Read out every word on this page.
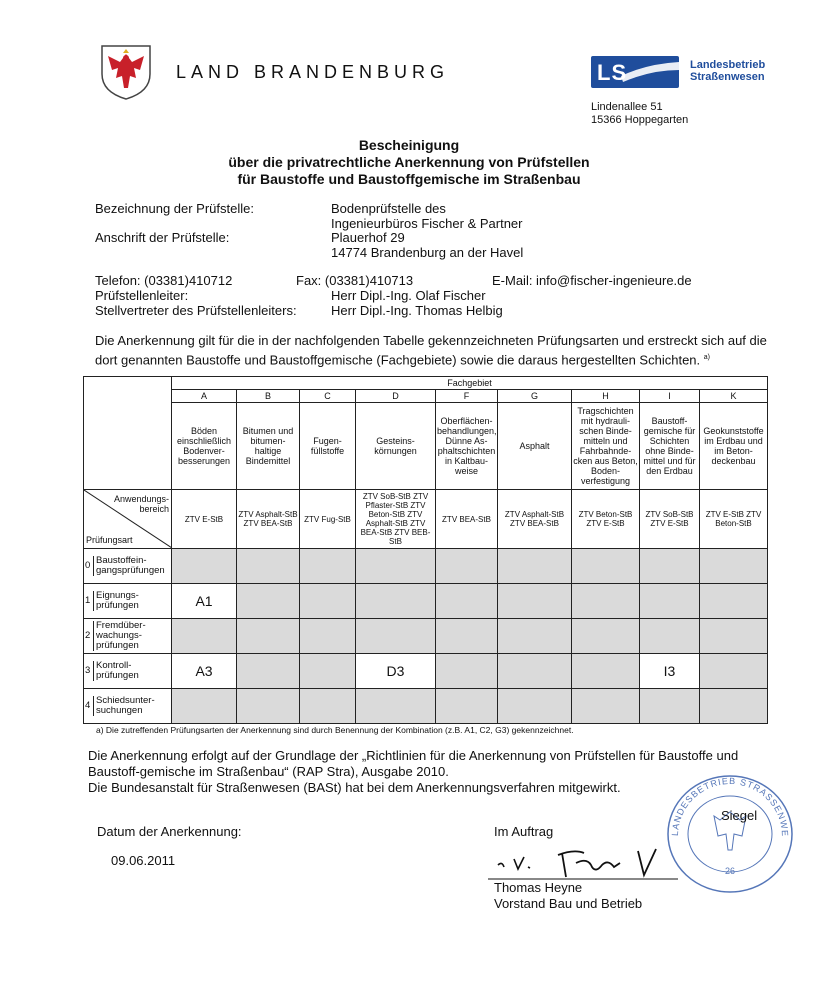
LAND BRANDENBURG	LS	Landesbetrieb
Straßenwesen
Lindenallee 51
15366 Hoppegarten
Bescheinigung
über die privatrechtliche Anerkennung von Prüfstellen
für Baustoffe und Baustoffgemische im Straßenbau
Bezeichnung der Prüfstelle:	Bodenprüfstelle des
Ingenieurbüros Fischer & Partner
Anschrift der Prüfstelle:	Plauerhof 29
14774 Brandenburg an der Havel
Telefon: (03381)410712	Fax: (03381)410713	E-Mail: info@fischer-ingenieure.de
Prüfstellenleiter:	Herr Dipl.-Ing. Olaf Fischer
Stellvertreter des Prüfstellenleiters:	Herr Dipl.-Ing. Thomas Helbig
Die Anerkennung gilt für die in der nachfolgenden Tabelle gekennzeichneten Prüfungsarten und erstreckt sich auf die dort genannten Baustoffe und Baustoffgemische (Fachgebiete) sowie die daraus hergestellten Schichten. $^{a)}$
	Fachgebiet								
	A	B	C	D	F	G	H	I	K
	Böden einschließlich Bodenver-besserungen	Bitumen und bitumen-haltige Bindemittel	Fugen-füllstoffe	Gesteins-körnungen	Oberflächen-behandlungen, Dünne As-phaltschichten in Kaltbau-weise	Asphalt	Tragschichten mit hydrauli-schen Binde-mitteln und Fahrbahnde-cken aus Beton, Boden-verfestigung	Baustoff-gemische für Schichten ohne Binde-mittel und für den Erdbau	Geokunststoffe im Erdbau und im Beton-deckenbau

Anwendungs-bereich
Prüfungsart	ZTV E-StB	ZTV Asphalt-StB ZTV BEA-StB	ZTV Fug-StB	ZTV SoB-StB ZTV Pflaster-StB ZTV Beton-StB ZTV Asphalt-StB ZTV BEA-StB ZTV BEB-StB	ZTV BEA-StB	ZTV Asphalt-StB ZTV BEA-StB	ZTV Beton-StB ZTV E-StB	ZTV SoB-StB ZTV E-StB	ZTV E-StB ZTV Beton-StB
0 Baustoffein-gangsprüfungen									
1 Eignungs-prüfungen	A1								
2Fremdüber-wachungs-prüfungen									
3 Kontroll-prüfungen	A3			D3				I3	
4 Schiedsunter-suchungen									
a) Die zutreffenden Prüfungsarten der Anerkennung sind durch Benennung der Kombination (z.B. A1, C2, G3) gekennzeichnet.
Die Anerkennung erfolgt auf der Grundlage der „Richtlinien für die Anerkennung von Prüfstellen für Baustoffe und Baustoff-gemische im Straßenbau“ (RAP Stra), Ausgabe 2010.
Die Bundesanstalt für Straßenwesen (BASt) hat bei dem Anerkennungsverfahren mitgewirkt.
Datum der Anerkennung:
09.06.2011
Im Auftrag
Thomas Heyne
Vorstand Bau und Betrieb
LANDESBETRIEB STRASSENWE
26
Siegel
